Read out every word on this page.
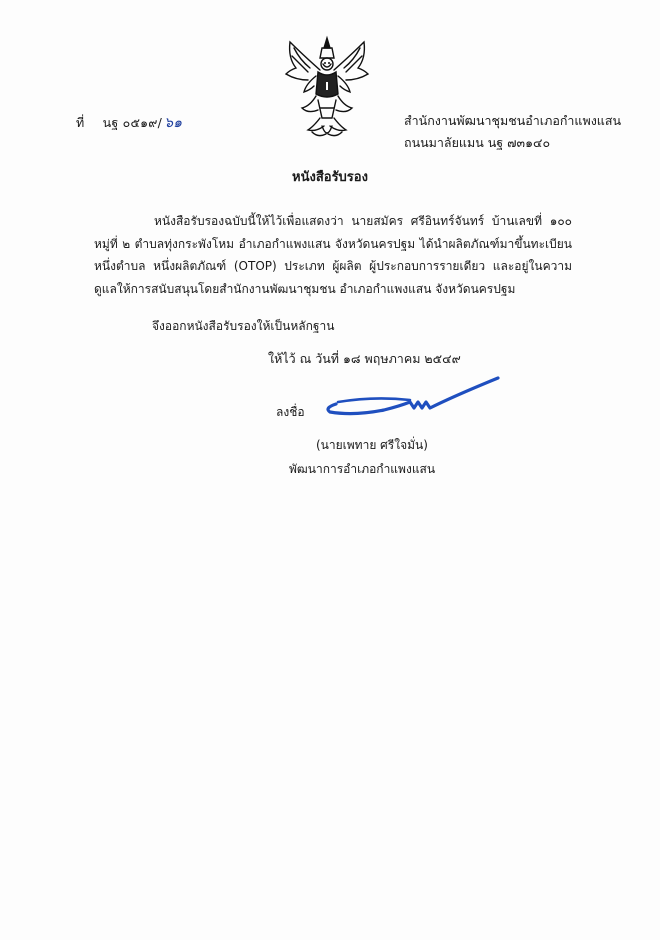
ที่ นฐ ๐๕๑๙/ ๖๑	สำนักงานพัฒนาชุมชนอำเภอกำแพงแสน
ถนนมาลัยแมน นฐ ๗๓๑๔๐
หนังสือรับรอง

หนังสือรับรองฉบับนี้ให้ไว้เพื่อแสดงว่า นายสมัคร ศรีอินทร์จันทร์ บ้านเลขที่ ๑๐๐ หมู่ที่ ๒ ตำบลทุ่งกระพังโหม อำเภอกำแพงแสน จังหวัดนครปฐม ได้นำผลิตภัณฑ์มาขึ้นทะเบียน หนึ่งตำบล หนึ่งผลิตภัณฑ์ (OTOP) ประเภท ผู้ผลิต ผู้ประกอบการรายเดียว และอยู่ในความดูแลให้การสนับสนุนโดยสำนักงานพัฒนาชุมชน อำเภอกำแพงแสน จังหวัดนครปฐม

จึงออกหนังสือรับรองให้เป็นหลักฐาน
ให้ไว้ ณ วันที่ ๑๘ พฤษภาคม ๒๕๔๙
ลงชื่อ
(นายเพทาย ศรีใจมั่น)
พัฒนาการอำเภอกำแพงแสน
